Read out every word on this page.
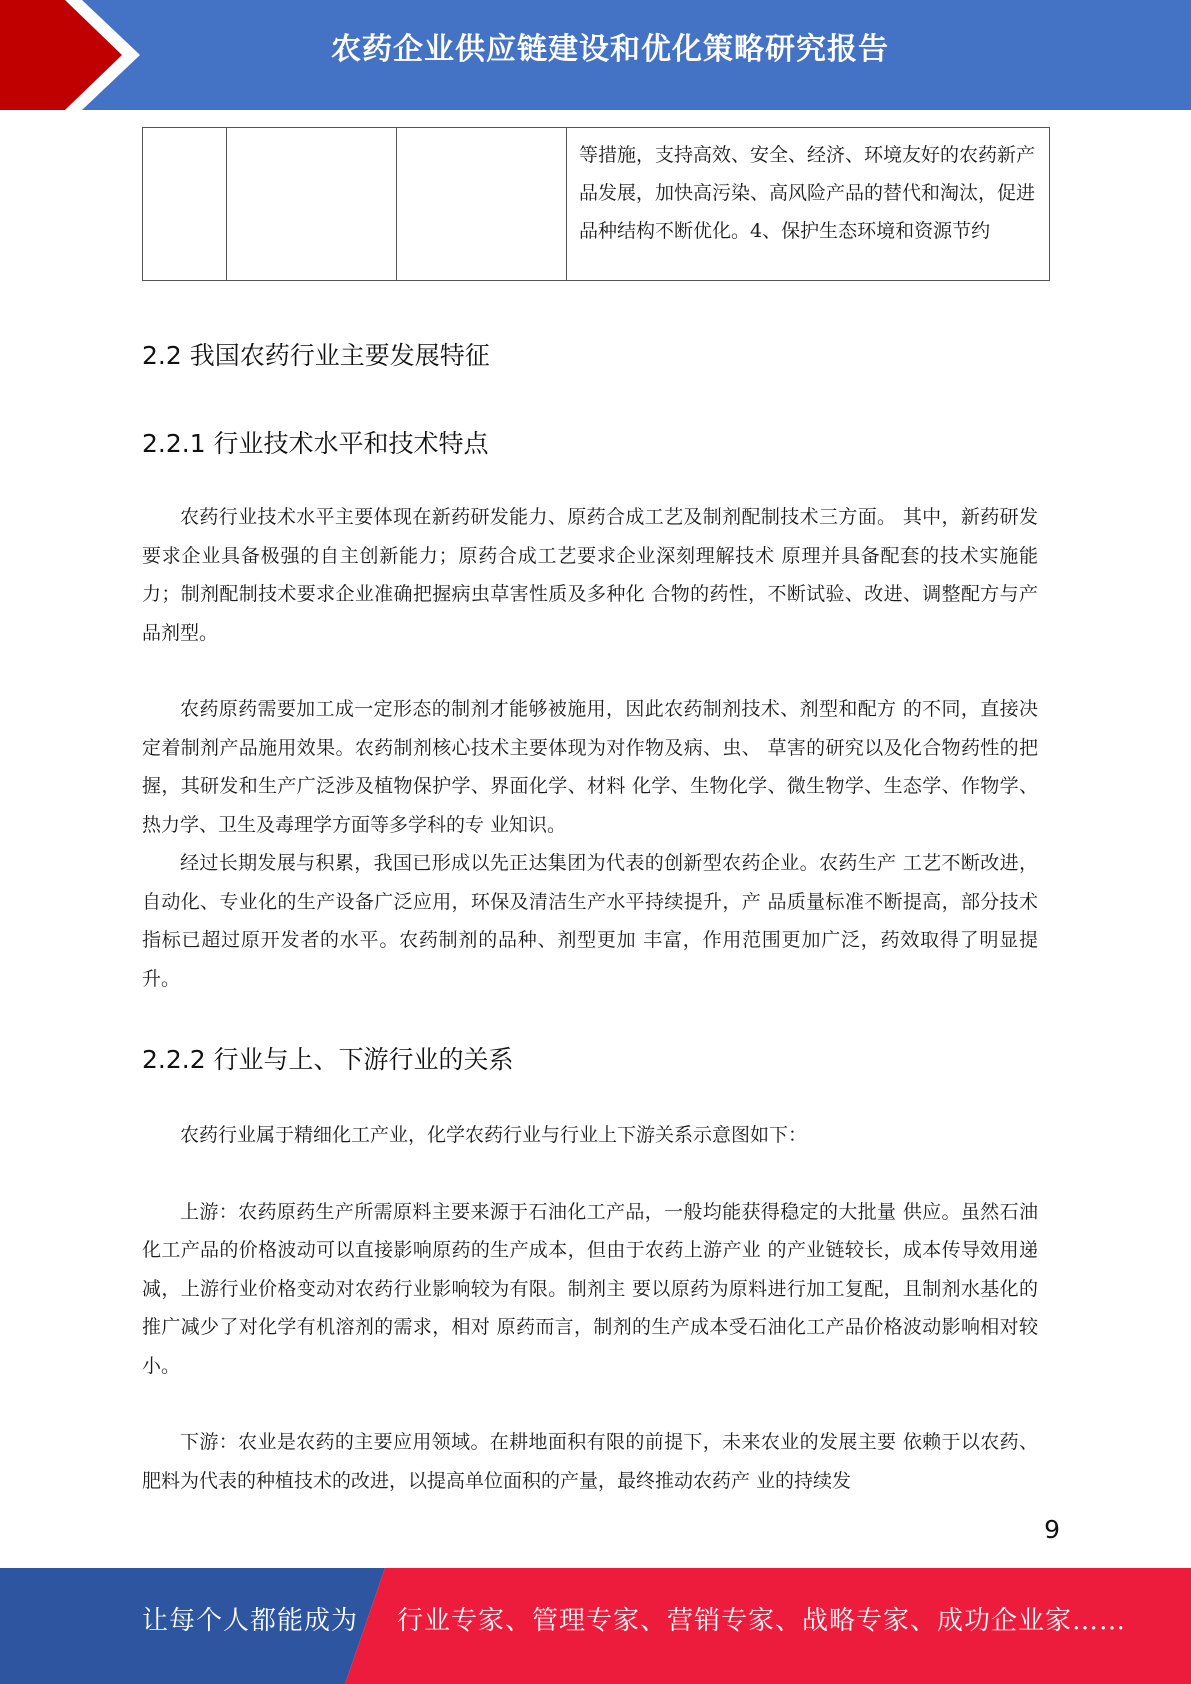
农药企业供应链建设和优化策略研究报告
			等措施，支持高效、安全、经济、环境友好的农药新产品发展，加快高污染、高风险产品的替代和淘汰，促进品种结构不断优化。4、保护生态环境和资源节约
2.2 我国农药行业主要发展特征
2.2.1 行业技术水平和技术特点

农药行业技术水平主要体现在新药研发能力、原药合成工艺及制剂配制技术三方面。 其中，新药研发要求企业具备极强的自主创新能力；原药合成工艺要求企业深刻理解技术 原理并具备配套的技术实施能力；制剂配制技术要求企业准确把握病虫草害性质及多种化 合物的药性，不断试验、改进、调整配方与产品剂型。

农药原药需要加工成一定形态的制剂才能够被施用，因此农药制剂技术、剂型和配方 的不同，直接决定着制剂产品施用效果。农药制剂核心技术主要体现为对作物及病、虫、 草害的研究以及化合物药性的把握，其研发和生产广泛涉及植物保护学、界面化学、材料 化学、生物化学、微生物学、生态学、作物学、热力学、卫生及毒理学方面等多学科的专 业知识。

经过长期发展与积累，我国已形成以先正达集团为代表的创新型农药企业。农药生产 工艺不断改进，自动化、专业化的生产设备广泛应用，环保及清洁生产水平持续提升，产 品质量标准不断提高，部分技术指标已超过原开发者的水平。农药制剂的品种、剂型更加 丰富，作用范围更加广泛，药效取得了明显提升。

2.2.2 行业与上、下游行业的关系

农药行业属于精细化工产业，化学农药行业与行业上下游关系示意图如下：

上游：农药原药生产所需原料主要来源于石油化工产品，一般均能获得稳定的大批量 供应。虽然石油化工产品的价格波动可以直接影响原药的生产成本，但由于农药上游产业 的产业链较长，成本传导效用递减，上游行业价格变动对农药行业影响较为有限。制剂主 要以原药为原料进行加工复配，且制剂水基化的推广减少了对化学有机溶剂的需求，相对 原药而言，制剂的生产成本受石油化工产品价格波动影响相对较小。

下游：农业是农药的主要应用领域。在耕地面积有限的前提下，未来农业的发展主要 依赖于以农药、肥料为代表的种植技术的改进，以提高单位面积的产量，最终推动农药产 业的持续发

9
让每个人都能成为 行业专家、管理专家、营销专家、战略专家、成功企业家……
